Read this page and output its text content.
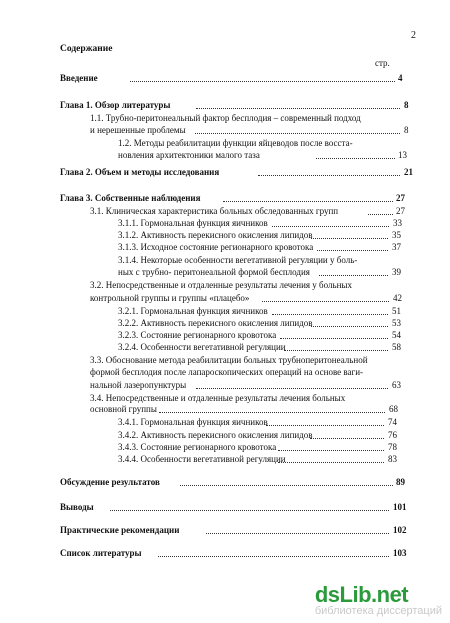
2
Содержание
стр.
Введение	4
Глава 1. Обзор литературы	8
1.1. Трубно-перитонеальный фактор бесплодия – современный подход
и нерешенные проблемы	8
1.2. Методы реабилитации функции яйцеводов после восста-
новления архитектоники малого таза	13
Глава 2. Объем и методы исследования	21
Глава 3. Собственные наблюдения	27
3.1. Клиническая характеристика больных обследованных групп	27
3.1.1. Гормональная функция яичников	33
3.1.2. Активность перекисного окисления липидов	35
3.1.3. Исходное состояние регионарного кровотока	37
3.1.4. Некоторые особенности вегетативной регуляции у боль-
ных с трубно- перитонеальной формой бесплодия	39
3.2. Непосредственные и отдаленные результаты лечения у больных
контрольной группы и группы «плацебо»	42
3.2.1. Гормональная функция яичников	51
3.2.2. Активность перекисного окисления липидов	53
3.2.3. Состояние регионарного кровотока	54
3.2.4. Особенности вегетативной регуляции	58
3.3. Обоснование метода реабилитации больных трубноперитонеальной
формой бесплодия после лапароскопических операций на основе ваги-
нальной лазеропунктуры	63
3.4. Непосредственные и отдаленные результаты лечения больных
основной группы	68
3.4.1. Гормональная функция яичников	74
3.4.2. Активность перекисного окисления липидов	76
3.4.3. Состояние регионарного кровотока	78
3.4.4. Особенности вегетативной регуляции	83
Обсуждение результатов	89
Выводы	101
Практические рекомендации	102
Список литературы	103
dsLib.net
библиотека диссертаций
